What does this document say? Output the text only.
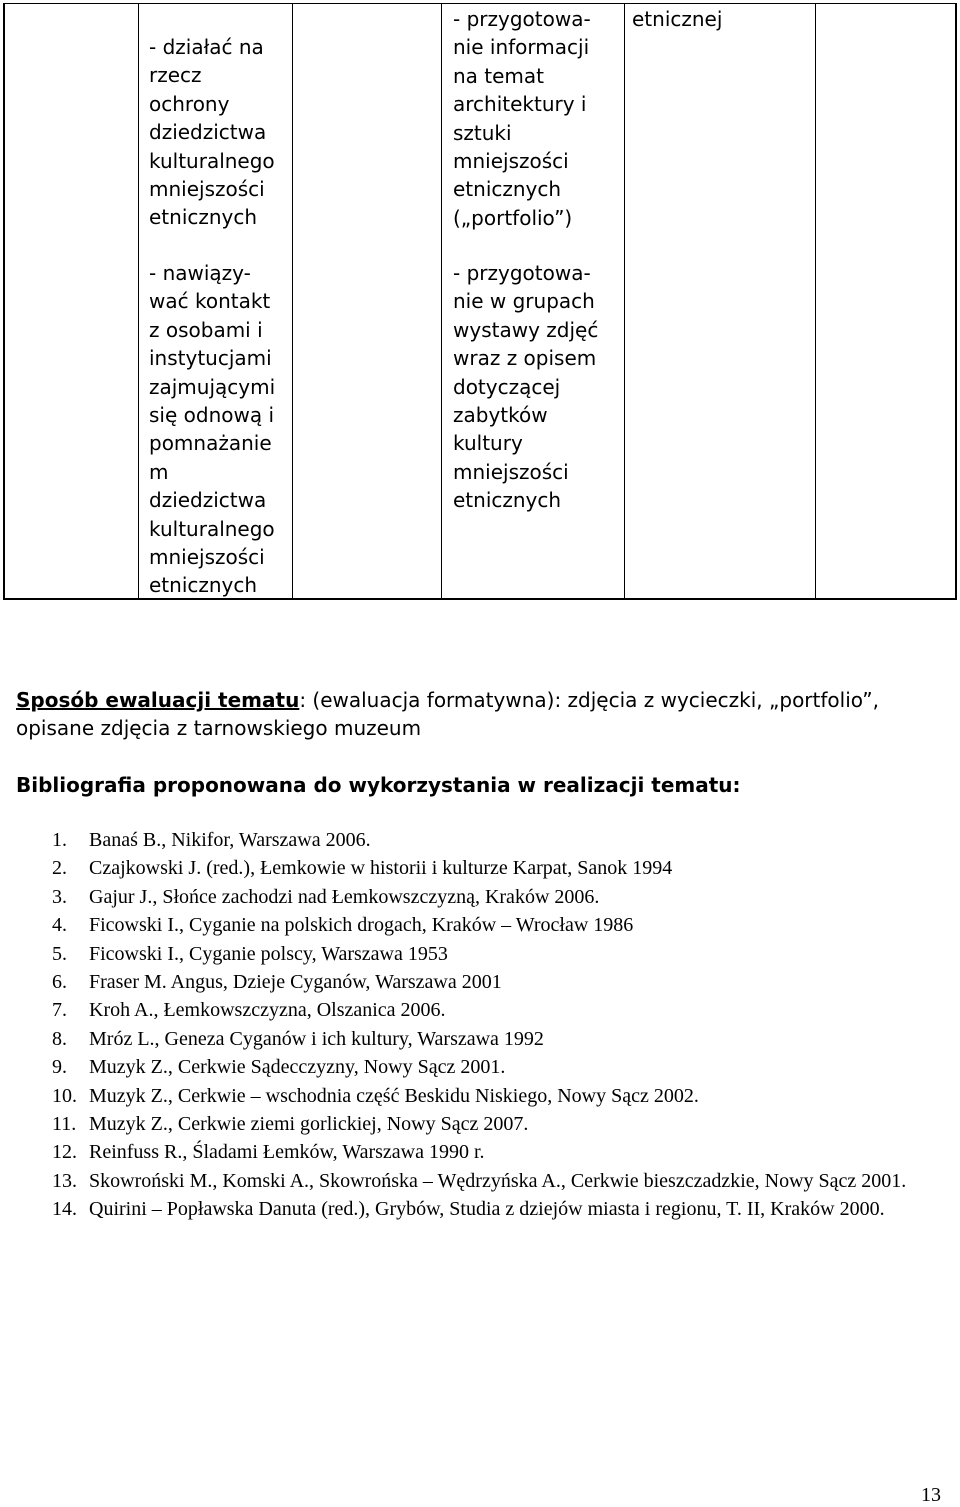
- działać na
rzecz
ochrony
dziedzictwa
kulturalnego
mniejszości
etnicznych
- nawiązy-
wać kontakt
z osobami i
instytucjami
zajmującymi
się odnową i
pomnażanie
m
dziedzictwa
kulturalnego
mniejszości
etnicznych
- przygotowa-
nie informacji
na temat
architektury i
sztuki
mniejszości
etnicznych
(„portfolio”)
- przygotowa-
nie w grupach
wystawy zdjęć
wraz z opisem
dotyczącej
zabytków
kultury
mniejszości
etnicznych
etnicznej
Sposób ewaluacji tematu: (ewaluacja formatywna): zdjęcia z wycieczki, „portfolio”, opisane zdjęcia z tarnowskiego muzeum
Bibliografia proponowana do wykorzystania w realizacji tematu:
1. Banaś B., Nikifor, Warszawa 2006.
2. Czajkowski J. (red.), Łemkowie w historii i kulturze Karpat, Sanok 1994
3. Gajur J., Słońce zachodzi nad Łemkowszczyzną, Kraków 2006.
4. Ficowski I., Cyganie na polskich drogach, Kraków – Wrocław 1986
5. Ficowski I., Cyganie polscy, Warszawa 1953
6. Fraser M. Angus, Dzieje Cyganów, Warszawa 2001
7. Kroh A., Łemkowszczyzna, Olszanica 2006.
8. Mróz L., Geneza Cyganów i ich kultury, Warszawa 1992
9. Muzyk Z., Cerkwie Sądecczyzny, Nowy Sącz 2001.
10. Muzyk Z., Cerkwie – wschodnia część Beskidu Niskiego, Nowy Sącz 2002.
11. Muzyk Z., Cerkwie ziemi gorlickiej, Nowy Sącz 2007.
12. Reinfuss R., Śladami Łemków, Warszawa 1990 r.
13. Skowroński M., Komski A., Skowrońska – Wędrzyńska A., Cerkwie bieszczadzkie, Nowy Sącz 2001.
14. Quirini – Popławska Danuta (red.), Grybów, Studia z dziejów miasta i regionu, T. II, Kraków 2000.
13
